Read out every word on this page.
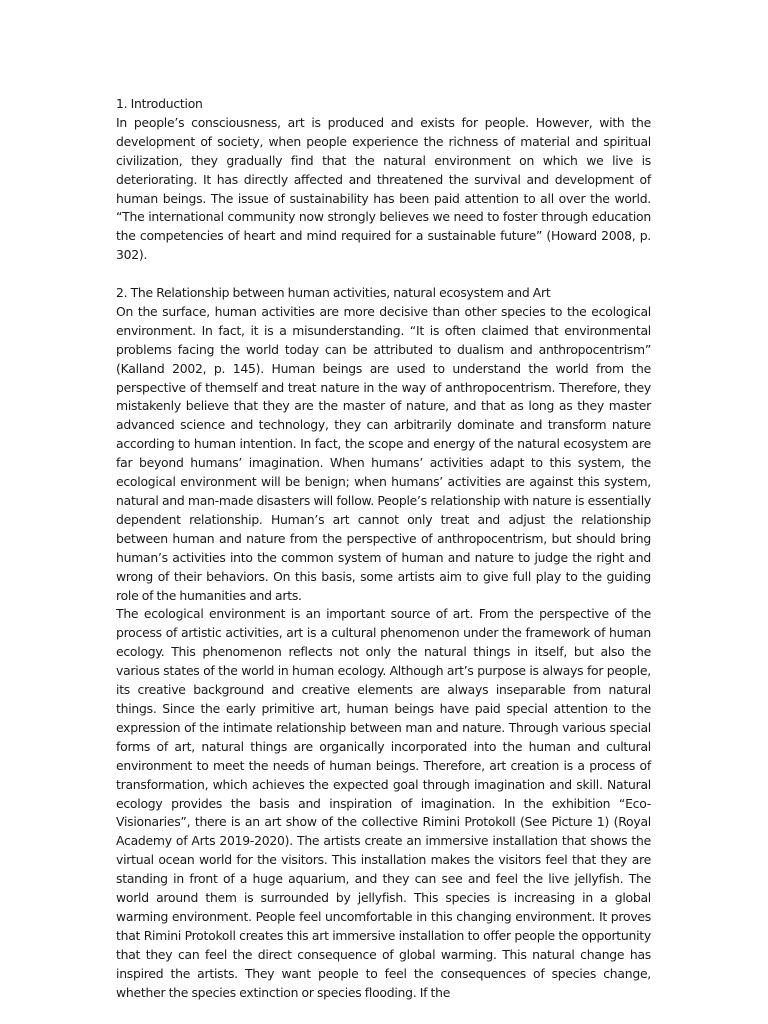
1. Introduction

In people’s consciousness, art is produced and exists for people. However, with the development of society, when people experience the richness of material and spiritual civilization, they gradually find that the natural environment on which we live is deteriorating. It has directly affected and threatened the survival and development of human beings. The issue of sustainability has been paid attention to all over the world. “The international community now strongly believes we need to foster through education the competencies of heart and mind required for a sustainable future” (Howard 2008, p. 302).

2. The Relationship between human activities, natural ecosystem and Art

On the surface, human activities are more decisive than other species to the ecological environment. In fact, it is a misunderstanding. “It is often claimed that environmental problems facing the world today can be attributed to dualism and anthropocentrism” (Kalland 2002, p. 145). Human beings are used to understand the world from the perspective of themself and treat nature in the way of anthropocentrism. Therefore, they mistakenly believe that they are the master of nature, and that as long as they master advanced science and technology, they can arbitrarily dominate and transform nature according to human intention. In fact, the scope and energy of the natural ecosystem are far beyond humans’ imagination. When humans’ activities adapt to this system, the ecological environment will be benign; when humans’ activities are against this system, natural and man-made disasters will follow. People’s relationship with nature is essentially dependent relationship. Human’s art cannot only treat and adjust the relationship between human and nature from the perspective of anthropocentrism, but should bring human’s activities into the common system of human and nature to judge the right and wrong of their behaviors. On this basis, some artists aim to give full play to the guiding role of the humanities and arts.

The ecological environment is an important source of art. From the perspective of the process of artistic activities, art is a cultural phenomenon under the framework of human ecology. This phenomenon reflects not only the natural things in itself, but also the various states of the world in human ecology. Although art’s purpose is always for people, its creative background and creative elements are always inseparable from natural things. Since the early primitive art, human beings have paid special attention to the expression of the intimate relationship between man and nature. Through various special forms of art, natural things are organically incorporated into the human and cultural environment to meet the needs of human beings. Therefore, art creation is a process of transformation, which achieves the expected goal through imagination and skill. Natural ecology provides the basis and inspiration of imagination. In the exhibition “Eco-Visionaries”, there is an art show of the collective Rimini Protokoll (See Picture 1) (Royal Academy of Arts 2019-2020). The artists create an immersive installation that shows the virtual ocean world for the visitors. This installation makes the visitors feel that they are standing in front of a huge aquarium, and they can see and feel the live jellyfish. The world around them is surrounded by jellyfish. This species is increasing in a global warming environment. People feel uncomfortable in this changing environment. It proves that Rimini Protokoll creates this art immersive installation to offer people the opportunity that they can feel the direct consequence of global warming. This natural change has inspired the artists. They want people to feel the consequences of species change, whether the species extinction or species flooding. If the
